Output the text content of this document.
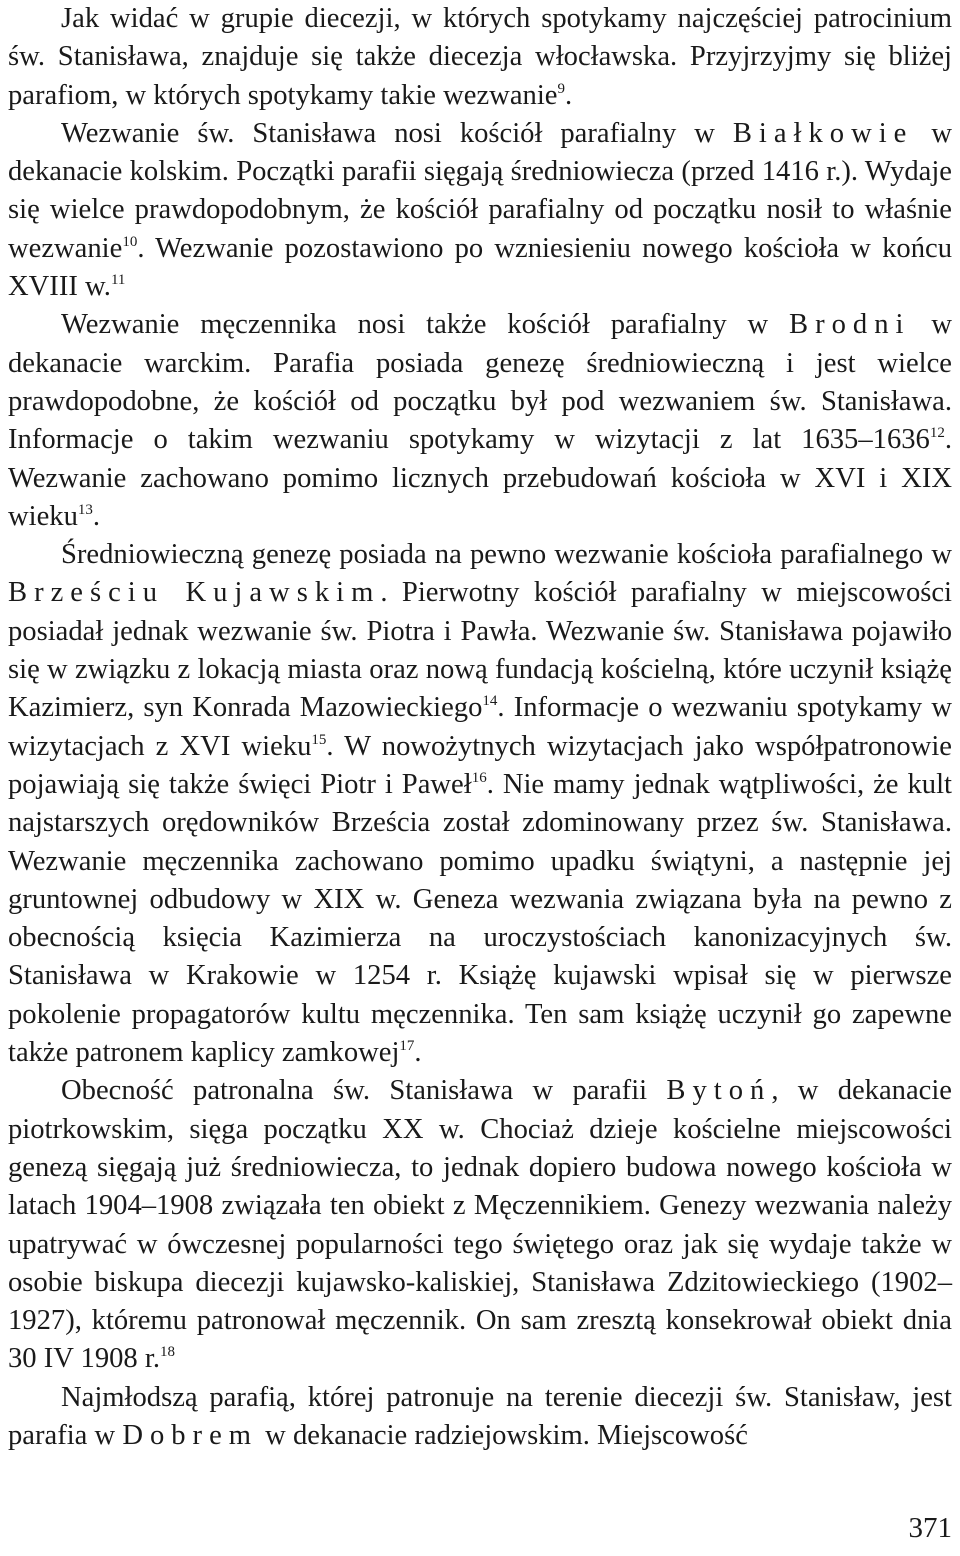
Jak widać w grupie diecezji, w których spotykamy najczęściej patrocinium św. Stanisława, znajduje się także diecezja włocławska. Przyjrzyjmy się bliżej parafiom, w których spotykamy takie wezwanie$^9$.

Wezwanie św. Stanisława nosi kościół parafialny w Białkowie w dekanacie kolskim. Początki parafii sięgają średniowiecza (przed 1416 r.). Wydaje się wielce prawdopodobnym, że kościół parafialny od początku nosił to właśnie wezwanie$^{10}$. Wezwanie pozostawiono po wzniesieniu nowego kościoła w końcu XVIII w.$^{11}$

Wezwanie męczennika nosi także kościół parafialny w Brodni w dekanacie warckim. Parafia posiada genezę średniowieczną i jest wielce prawdopodobne, że kościół od początku był pod wezwaniem św. Stanisława. Informacje o takim wezwaniu spotykamy w wizytacji z lat 1635–1636$^{12}$. Wezwanie zachowano pomimo licznych przebudowań kościoła w XVI i XIX wieku$^{13}$.

Średniowieczną genezę posiada na pewno wezwanie kościoła parafialnego w Brześciu Kujawskim. Pierwotny kościół parafialny w miejscowości posiadał jednak wezwanie św. Piotra i Pawła. Wezwanie św. Stanisława pojawiło się w związku z lokacją miasta oraz nową fundacją kościelną, które uczynił książę Kazimierz, syn Konrada Mazowieckiego$^{14}$. Informacje o wezwaniu spotykamy w wizytacjach z XVI wieku$^{15}$. W nowożytnych wizytacjach jako współpatronowie pojawiają się także święci Piotr i Paweł$^{16}$. Nie mamy jednak wątpliwości, że kult najstarszych orędowników Brześcia został zdominowany przez św. Stanisława. Wezwanie męczennika zachowano pomimo upadku świątyni, a następnie jej gruntownej odbudowy w XIX w. Geneza wezwania związana była na pewno z obecnością księcia Kazimierza na uroczystościach kanonizacyjnych św. Stanisława w Krakowie w 1254 r. Książę kujawski wpisał się w pierwsze pokolenie propagatorów kultu męczennika. Ten sam książę uczynił go zapewne także patronem kaplicy zamkowej$^{17}$.

Obecność patronalna św. Stanisława w parafii Bytoń, w dekanacie piotrkowskim, sięga początku XX w. Chociaż dzieje kościelne miejscowości genezą sięgają już średniowiecza, to jednak dopiero budowa nowego kościoła w latach 1904–1908 związała ten obiekt z Męczennikiem. Genezy wezwania należy upatrywać w ówczesnej popularności tego świętego oraz jak się wydaje także w osobie biskupa diecezji kujawsko-kaliskiej, Stanisława Zdzitowieckiego (1902–1927), któremu patronował męczennik. On sam zresztą konsekrował obiekt dnia 30 IV 1908 r.$^{18}$

Najmłodszą parafią, której patronuje na terenie diecezji św. Stanisław, jest parafia w Dobrem w dekanacie radziejowskim. Miejscowość

371
